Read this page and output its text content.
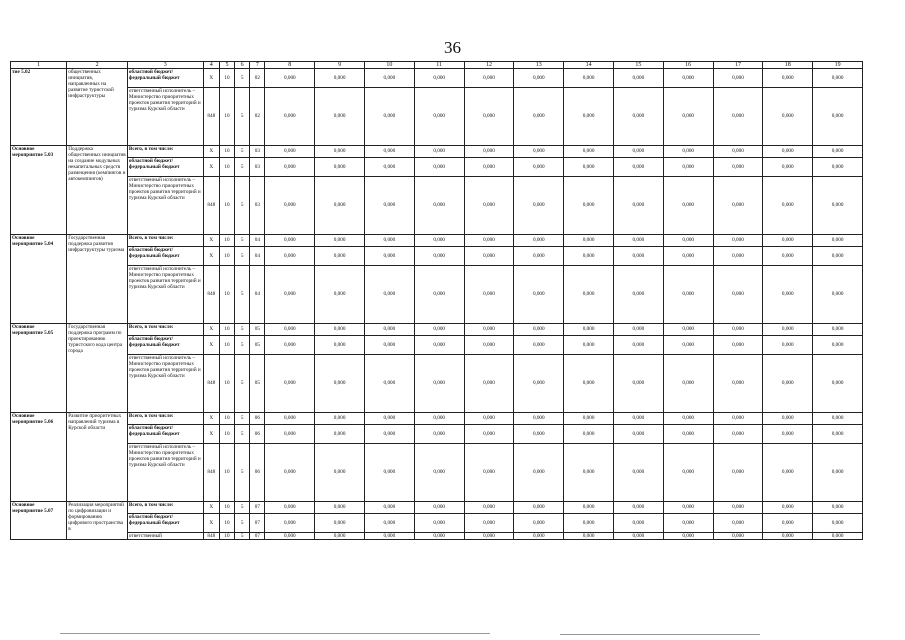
36
1	2	3	4	5	6	7	8	9	10	11	12	13	14	15	16	17	18	19
тие 5.02	общественных инициатив, направленных на развитие туристской инфраструктуры	областной бюджет/ федеральный бюджет	Х	10	5	02	0,000	0,000	0,000	0,000	0,000	0,000	0,000	0,000	0,000	0,000	0,000	0,000
		ответственный исполнитель – Министерство приоритетных проектов развития территорий и туризма Курской области	848	10	5	02	0,000	0,000	0,000	0,000	0,000	0,000	0,000	0,000	0,000	0,000	0,000	0,000
Основное мероприятие 5.03	Поддержка общественных инициатив на создание модульных некапитальных средств размещения (кемпингов и автокемпингов)	Всего, в том числе:	Х	10	5	03	0,000	0,000	0,000	0,000	0,000	0,000	0,000	0,000	0,000	0,000	0,000	0,000
		областной бюджет/ федеральный бюджет	Х	10	5	03	0,000	0,000	0,000	0,000	0,000	0,000	0,000	0,000	0,000	0,000	0,000	0,000
		ответственный исполнитель – Министерство приоритетных проектов развития территорий и туризма Курской области	848	10	5	03	0,000	0,000	0,000	0,000	0,000	0,000	0,000	0,000	0,000	0,000	0,000	0,000
Основное мероприятие 5.04	Государственная поддержка развития инфраструктуры туризма	Всего, в том числе:	Х	10	5	04	0,000	0,000	0,000	0,000	0,000	0,000	0,000	0,000	0,000	0,000	0,000	0,000
		областной бюджет/ федеральный бюджет	Х	10	5	04	0,000	0,000	0,000	0,000	0,000	0,000	0,000	0,000	0,000	0,000	0,000	0,000
		ответственный исполнитель – Министерство приоритетных проектов развития территорий и туризма Курской области	848	10	5	04	0,000	0,000	0,000	0,000	0,000	0,000	0,000	0,000	0,000	0,000	0,000	0,000
Основное мероприятие 5.05	Государственная поддержка программ по проектированию туристского кода центра города	Всего, в том числе:	Х	10	5	05	0,000	0,000	0,000	0,000	0,000	0,000	0,000	0,000	0,000	0,000	0,000	0,000
		областной бюджет/ федеральный бюджет	Х	10	5	05	0,000	0,000	0,000	0,000	0,000	0,000	0,000	0,000	0,000	0,000	0,000	0,000
		ответственный исполнитель – Министерство приоритетных проектов развития территорий и туризма Курской области	848	10	5	05	0,000	0,000	0,000	0,000	0,000	0,000	0,000	0,000	0,000	0,000	0,000	0,000
Основное мероприятие 5.06	Развитие приоритетных направлений туризма в Курской области	Всего, в том числе:	Х	10	5	06	0,000	0,000	0,000	0,000	0,000	0,000	0,000	0,000	0,000	0,000	0,000	0,000
		областной бюджет/ федеральный бюджет	Х	10	5	06	0,000	0,000	0,000	0,000	0,000	0,000	0,000	0,000	0,000	0,000	0,000	0,000
		ответственный исполнитель – Министерство приоритетных проектов развития территорий и туризма Курской области	848	10	5	06	0,000	0,000	0,000	0,000	0,000	0,000	0,000	0,000	0,000	0,000	0,000	0,000
Основное мероприятие 5.07	Реализация мероприятий по цифровизации и формированию цифрового пространства в	Всего, в том числе:	Х	10	5	07	0,000	0,000	0,000	0,000	0,000	0,000	0,000	0,000	0,000	0,000	0,000	0,000
		областной бюджет/ федеральный бюджет	Х	10	5	07	0,000	0,000	0,000	0,000	0,000	0,000	0,000	0,000	0,000	0,000	0,000	0,000
		ответственный	848	10	5	07	0,000	0,000	0,000	0,000	0,000	0,000	0,000	0,000	0,000	0,000	0,000	0,000
